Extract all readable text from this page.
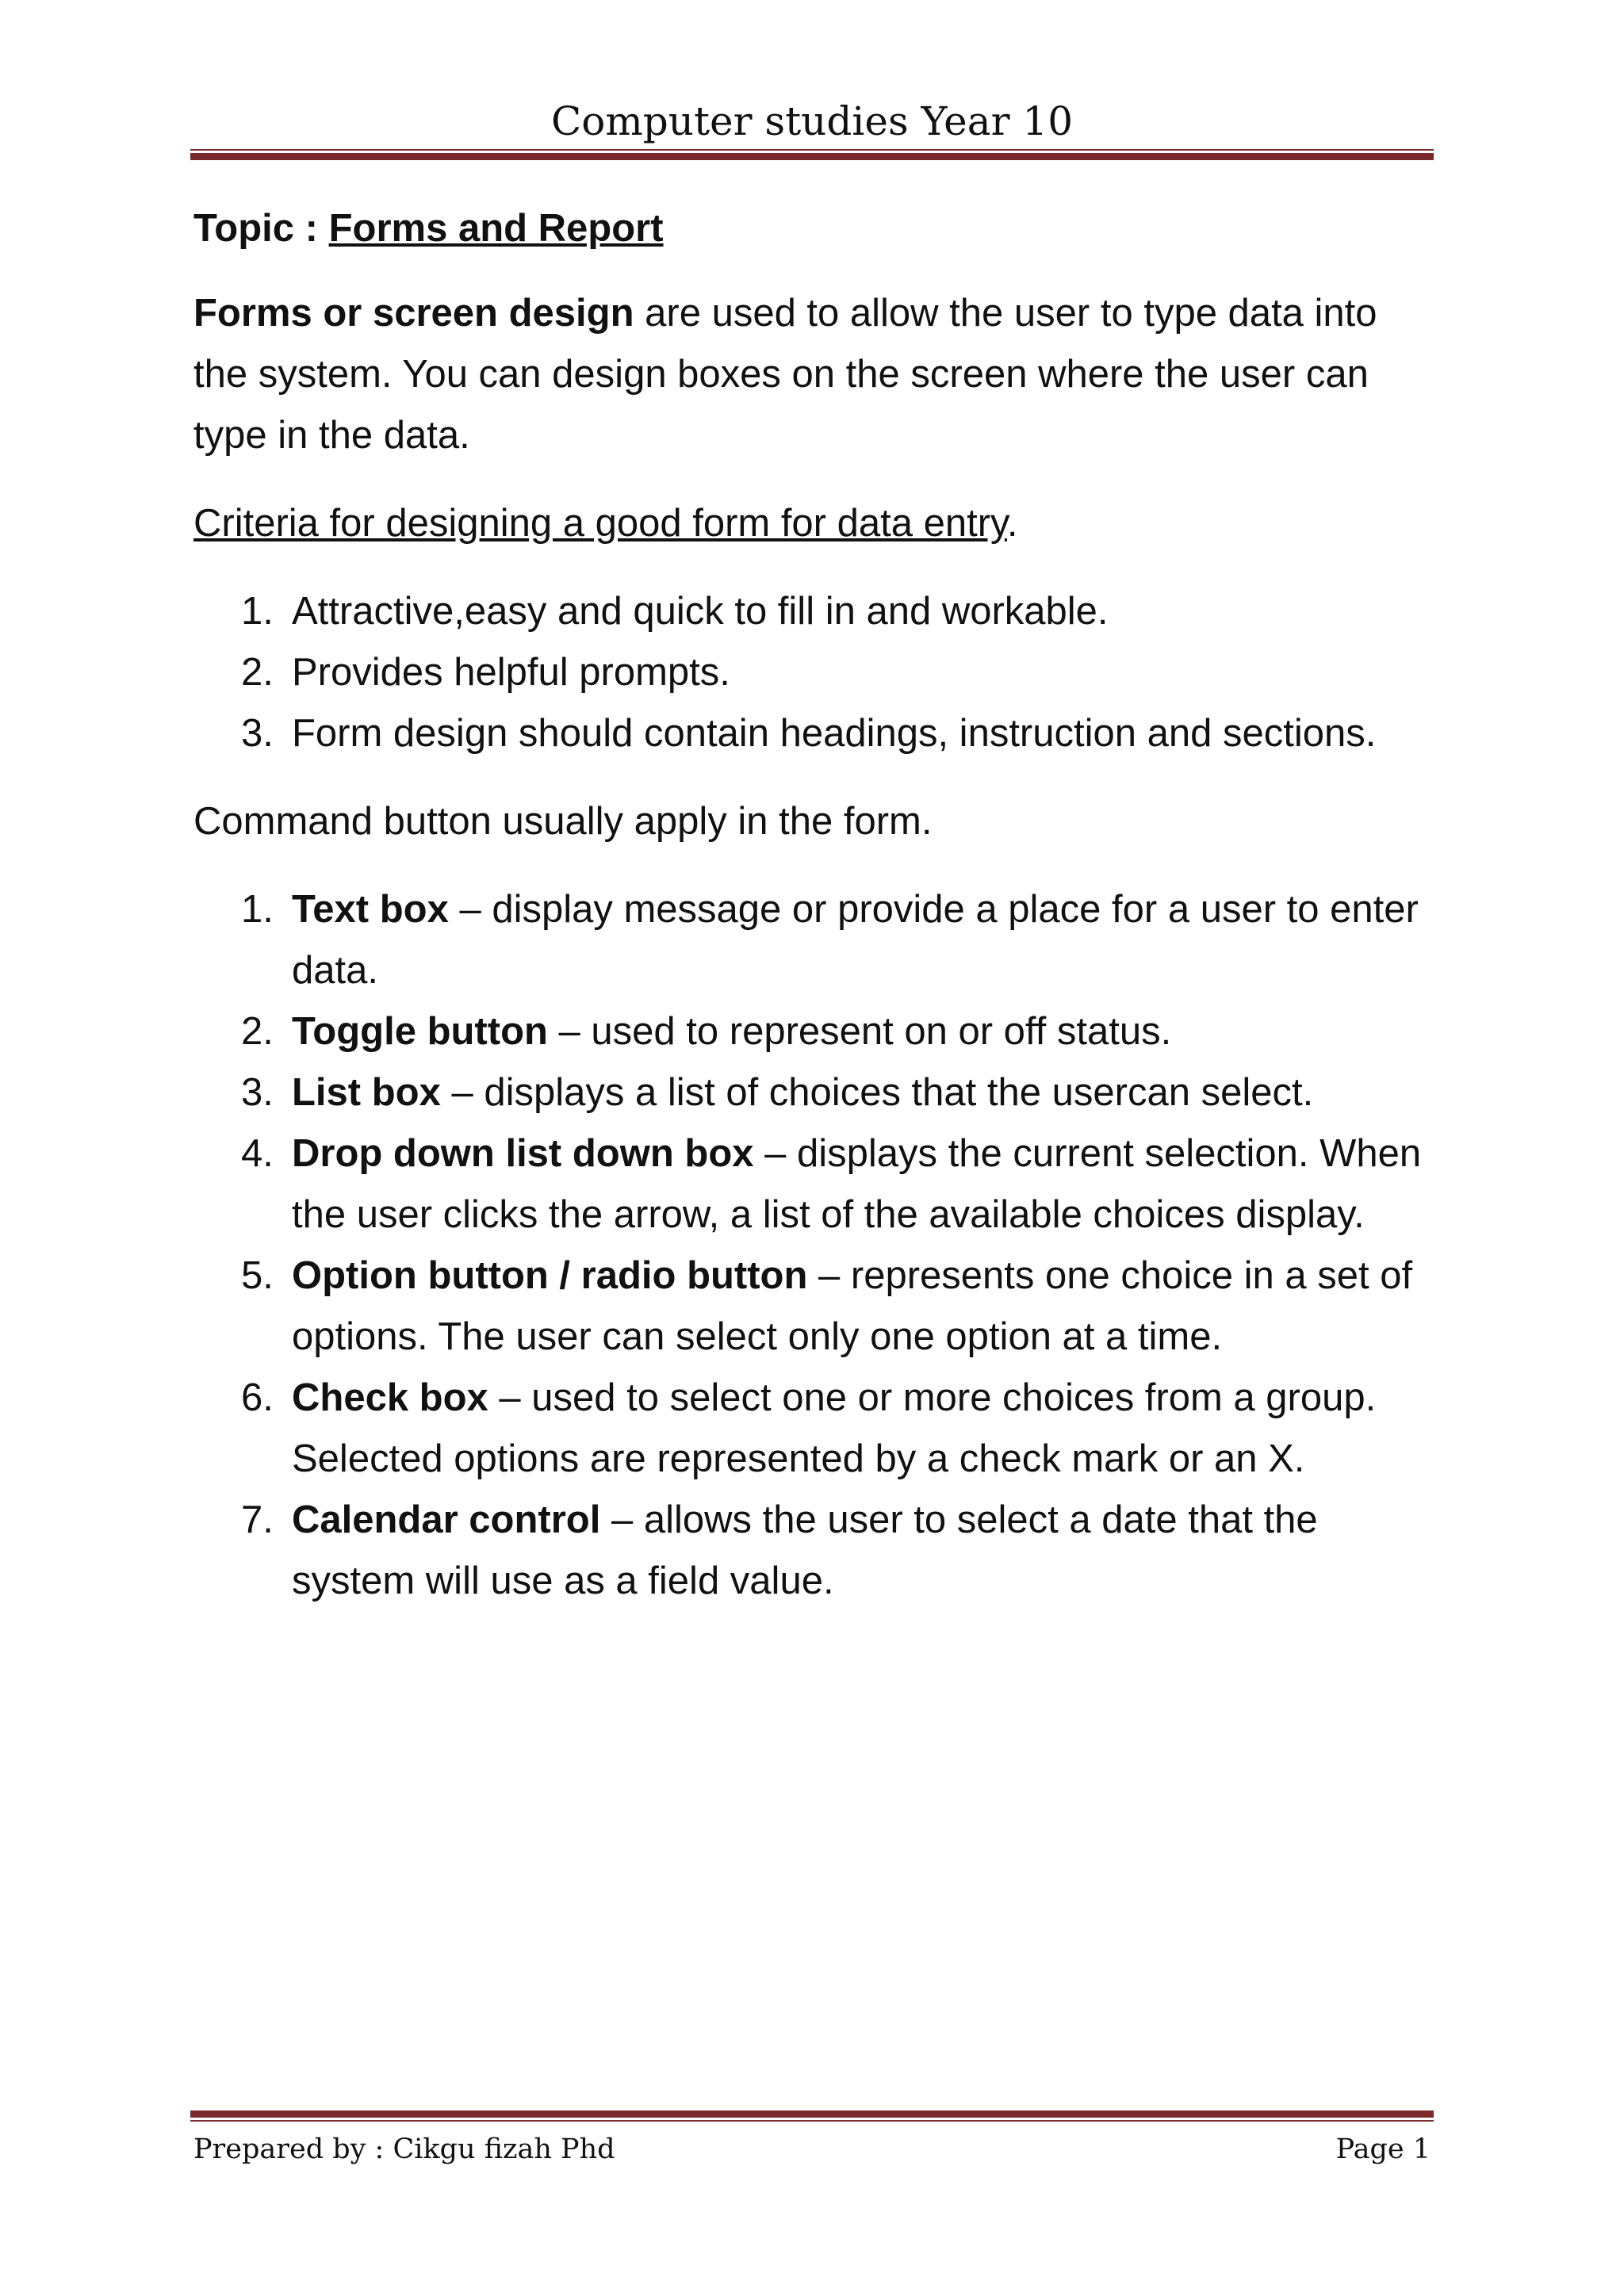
Computer studies Year 10
Topic : Forms and Report

Forms or screen design are used to allow the user to type data into the system. You can design boxes on the screen where the user can type in the data.

Criteria for designing a good form for data entry.

1. Attractive,easy and quick to fill in and workable.
2. Provides helpful prompts.
3. Form design should contain headings, instruction and sections.

Command button usually apply in the form.

1. Text box – display message or provide a place for a user to enter data.
2. Toggle button – used to represent on or off status.
3. List box – displays a list of choices that the usercan select.
4. Drop down list down box – displays the current selection. When the user clicks the arrow, a list of the available choices display.
5. Option button / radio button – represents one choice in a set of options. The user can select only one option at a time.
6. Check box – used to select one or more choices from a group. Selected options are represented by a check mark or an X.
7. Calendar control – allows the user to select a date that the system will use as a field value.
Prepared by : Cikgu fizah Phd	Page 1
